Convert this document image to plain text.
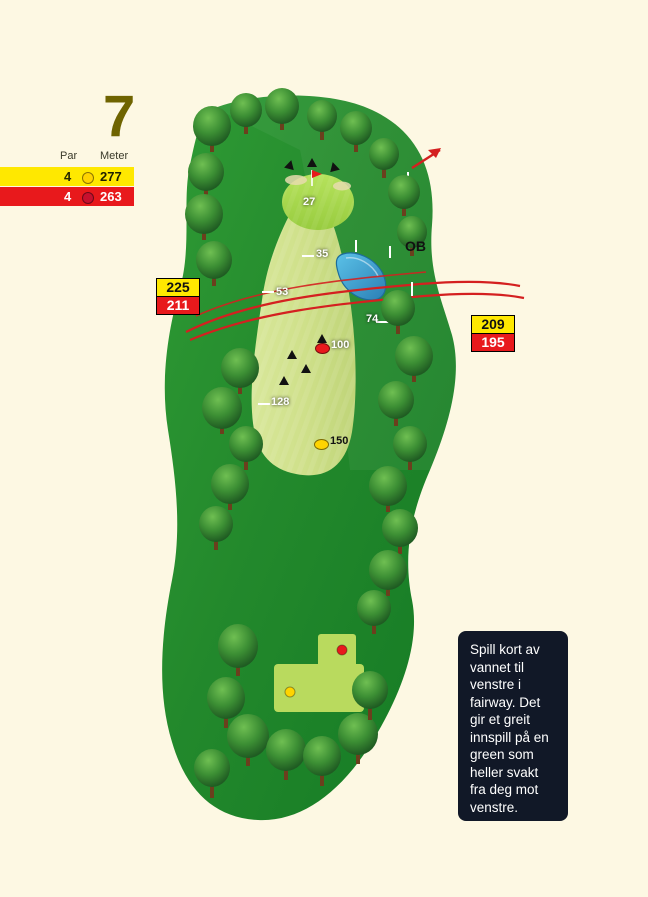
7
Par Meter
4 277
4 263
225
211
209
195
27
35
53
74
100
128
150
OB
Spill kort av vannet til venstre i fairway. Det gir et greit innspill på en green som heller svakt fra deg mot venstre.
